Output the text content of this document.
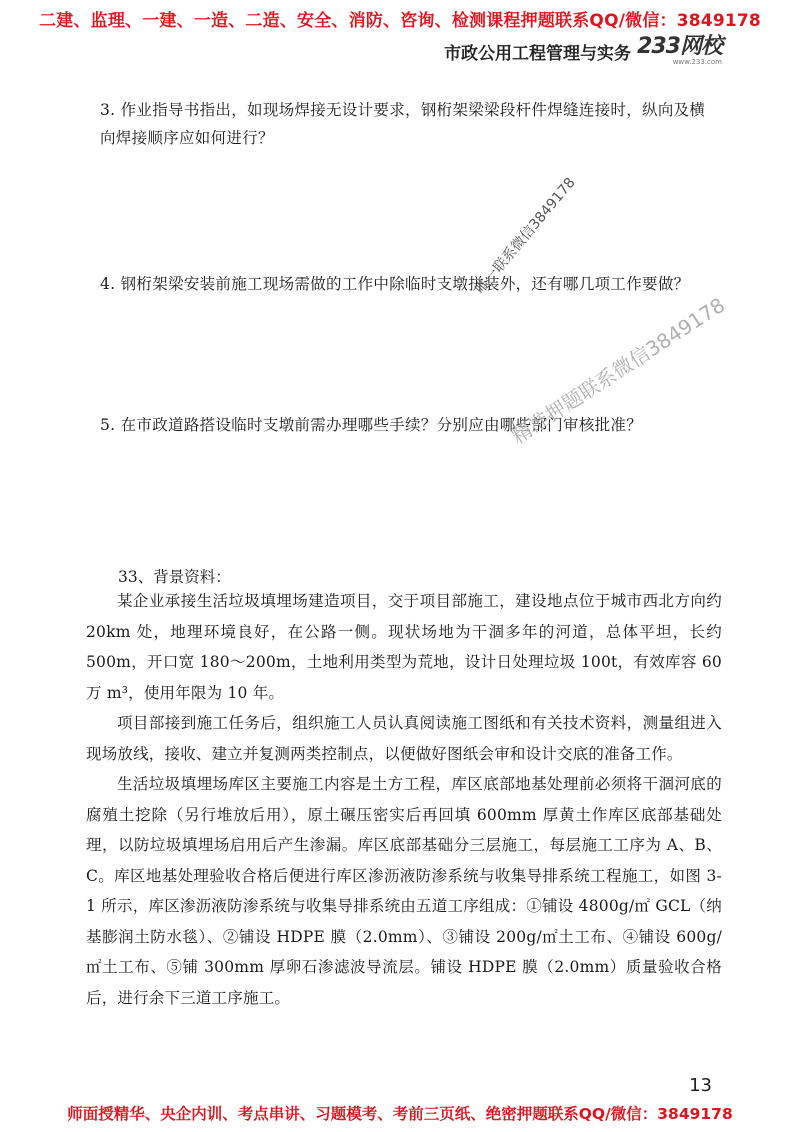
二建、监理、一建、一造、二造、安全、消防、咨询、检测课程押题联系QQ/微信：3849178
市政公用工程管理与实务 233网校
www.233.com
3. 作业指导书指出，如现场焊接无设计要求，钢桁架梁梁段杆件焊缝连接时，纵向及横向焊接顺序应如何进行？
4. 钢桁架梁安装前施工现场需做的工作中除临时支墩拼装外，还有哪几项工作要做？
5. 在市政道路搭设临时支墩前需办理哪些手续？分别应由哪些部门审核批准？
33、背景资料：

某企业承接生活垃圾填埋场建造项目，交于项目部施工，建设地点位于城市西北方向约 20km 处，地理环境良好，在公路一侧。现状场地为干涸多年的河道，总体平坦，长约 500m，开口宽 180～200m，土地利用类型为荒地，设计日处理垃圾 100t，有效库容 60 万 m³，使用年限为 10 年。

项目部接到施工任务后，组织施工人员认真阅读施工图纸和有关技术资料，测量组进入现场放线，接收、建立并复测两类控制点，以便做好图纸会审和设计交底的准备工作。

生活垃圾填埋场库区主要施工内容是土方工程，库区底部地基处理前必须将干涸河底的腐殖土挖除（另行堆放后用），原土碾压密实后再回填 600mm 厚黄土作库区底部基础处理，以防垃圾填埋场启用后产生渗漏。库区底部基础分三层施工，每层施工工序为 A、B、C。库区地基处理验收合格后便进行库区渗沥液防渗系统与收集导排系统工程施工，如图 3-1 所示，库区渗沥液防渗系统与收集导排系统由五道工序组成：①铺设 4800g/㎡ GCL（纳基膨润土防水毯）、②铺设 HDPE 膜（2.0mm）、③铺设 200g/㎡土工布、④铺设 600g/㎡土工布、⑤铺 300mm 厚卵石渗滤波导流层。铺设 HDPE 膜（2.0mm）质量验收合格后，进行余下三道工序施工。

唯一联系微信3849178
精准押题联系微信3849178
13
师面授精华、央企内训、考点串讲、习题模考、考前三页纸、绝密押题联系QQ/微信：3849178
